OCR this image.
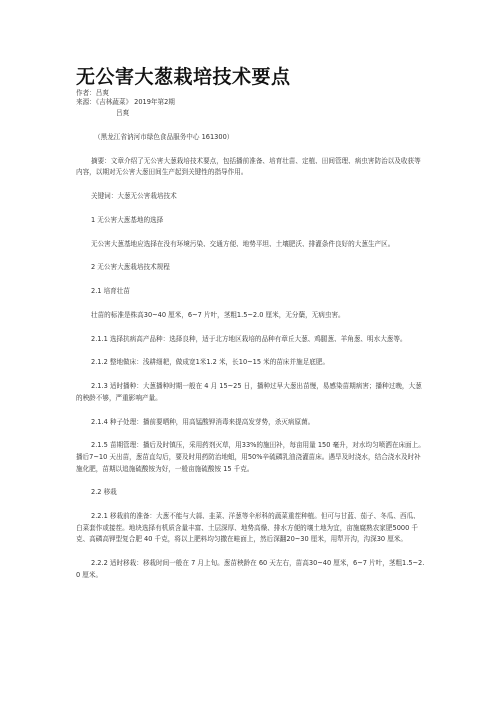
无公害大葱栽培技术要点
作者：吕爽
来源：《吉林蔬菜》 2019年第2期

吕爽

（黑龙江省讷河市绿色食品服务中心 161300）

摘要：文章介绍了无公害大葱栽培技术要点，包括播前准备、培育壮苗、定植、田间管理、病虫害防治以及收获等内容，以期对无公害大葱田间生产起到关键性的指导作用。

关键词：大葱无公害栽培技术

1 无公害大葱基地的选择

无公害大葱基地应选择在没有环境污染、交通方便、地势平坦、土壤肥沃、排灌条件良好的大葱生产区。

2 无公害大葱栽培技术规程

2.1 培育壮苗

壮苗的标准是株高30~40 厘米，6~7 片叶，茎粗1.5~2.0 厘米，无分蘖，无病虫害。

2.1.1 选择抗病高产品种：选择良种，适于北方地区栽培的品种有章丘大葱、鸡腿葱、羊角葱、明水大葱等。

2.1.2 整地做床：浅耕细耙，做成宽1米1.2 米，长10~15 米的苗床并施足底肥。

2.1.3 适时播种：大葱播种时期一般在 4 月 15~25 日，播种过早大葱出苗慢，易感染苗期病害；播种过晚，大葱的秧龄不够，严重影响产量。

2.1.4 种子处理：播前要晒种，用高锰酸钾消毒来提高发芽势，杀灭病原菌。

2.1.5 苗期管理：播后及时镇压，采用药剂灭草，用33%的施田补，每亩用量 150 毫升，对水均匀喷洒在床面上。播后7~10 天出苗，葱苗直勾后，要及时用药防治地蛆，用50%辛硫磷乳油浇灌苗床。遇旱及时浇水，结合浇水及时补施化肥，苗期以追施硫酸铵为好，一般亩施硫酸铵 15 千克。

2.2 移栽

2.2.1 移栽前的准备：大葱不能与大蒜、韭菜、洋葱等伞形科的蔬菜重茬种植。但可与甘蓝、茄子、冬瓜、西瓜、白菜套作或接茬。地块选择有机质含量丰富、土层深厚、地势高燥、排水方便的壤土地为宜，亩施腐熟农家肥5000 千克、高磷高钾型复合肥 40 千克，将以上肥料均匀撒在畦面上，然后深翻20~30 厘米，用犁开沟，沟深30 厘米。

2.2.2 适时移栽：移栽时间一般在 7 月上旬。葱苗秧龄在 60 天左右，苗高30~40 厘米，6~7 片叶，茎粗1.5~2.0 厘米。
